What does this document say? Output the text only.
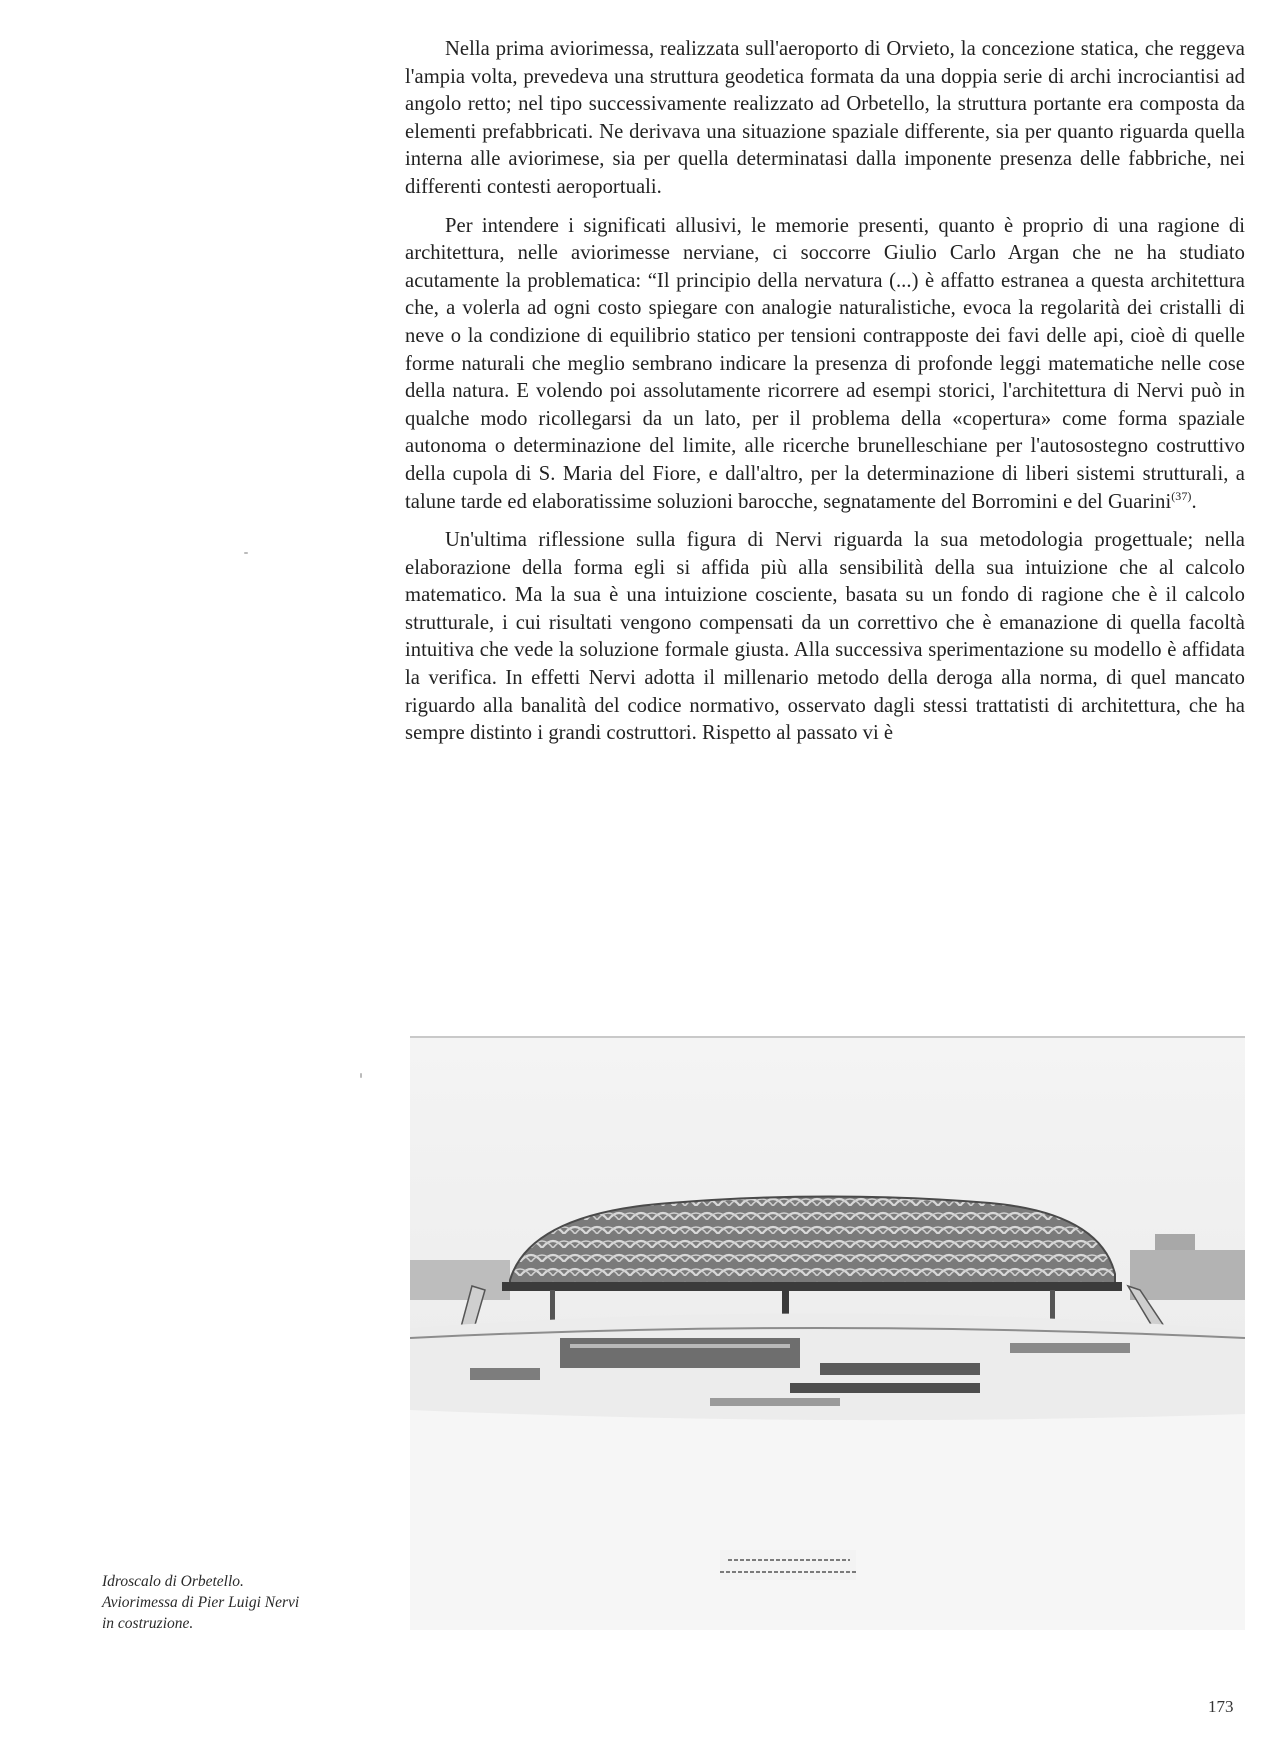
Nella prima aviorimessa, realizzata sull'aeroporto di Orvieto, la concezione statica, che reggeva l'ampia volta, prevedeva una struttura geodetica formata da una doppia serie di archi incrociantisi ad angolo retto; nel tipo successivamente realizzato ad Orbetello, la struttura portante era composta da elementi prefabbricati. Ne derivava una situazione spaziale differente, sia per quanto riguarda quella interna alle aviorimese, sia per quella determinatasi dalla imponente presenza delle fabbriche, nei differenti contesti aeroportuali.

Per intendere i significati allusivi, le memorie presenti, quanto è proprio di una ragione di architettura, nelle aviorimesse nerviane, ci soccorre Giulio Carlo Argan che ne ha studiato acutamente la problematica: “Il principio della nervatura (...) è affatto estranea a questa architettura che, a volerla ad ogni costo spiegare con analogie naturalistiche, evoca la regolarità dei cristalli di neve o la condizione di equilibrio statico per tensioni contrapposte dei favi delle api, cioè di quelle forme naturali che meglio sembrano indicare la presenza di profonde leggi matematiche nelle cose della natura. E volendo poi assolutamente ricorrere ad esempi storici, l'architettura di Nervi può in qualche modo ricollegarsi da un lato, per il problema della «copertura» come forma spaziale autonoma o determinazione del limite, alle ricerche brunelleschiane per l'autosostegno costruttivo della cupola di S. Maria del Fiore, e dall'altro, per la determinazione di liberi sistemi strutturali, a talune tarde ed elaboratissime soluzioni barocche, segnatamente del Borromini e del Guarini$^{(37)}$.

Un'ultima riflessione sulla figura di Nervi riguarda la sua metodologia progettuale; nella elaborazione della forma egli si affida più alla sensibilità della sua intuizione che al calcolo matematico. Ma la sua è una intuizione cosciente, basata su un fondo di ragione che è il calcolo strutturale, i cui risultati vengono compensati da un correttivo che è emanazione di quella facoltà intuitiva che vede la soluzione formale giusta. Alla successiva sperimentazione su modello è affidata la verifica. In effetti Nervi adotta il millenario metodo della deroga alla norma, di quel mancato riguardo alla banalità del codice normativo, osservato dagli stessi trattatisti di architettura, che ha sempre distinto i grandi costruttori. Rispetto al passato vi è

Idroscalo di Orbetello.
Aviorimessa di Pier Luigi Nervi
in costruzione.
173
